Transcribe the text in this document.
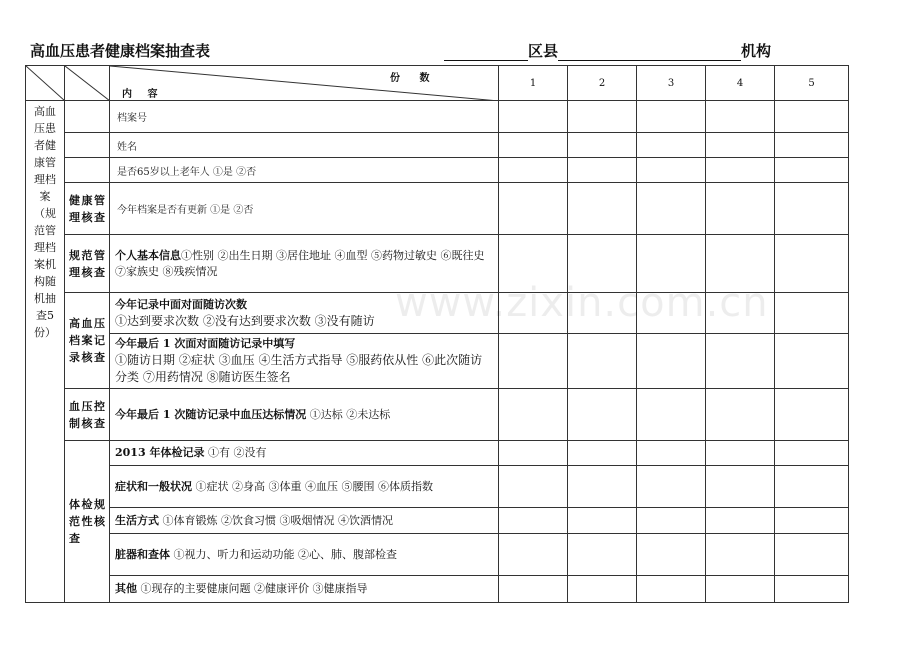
高血压患者健康档案抽查表	区县	机构

份 数
内 容	1	2	3	4	5
高血压患者健康管理档案（规范管理档案机构随机抽查5份）		档案号					
		姓名					
		是否65岁以上老年人 ①是 ②否					
	健康管理核查	今年档案是否有更新 ①是 ②否					
	规范管理核查	个人基本信息①性别 ②出生日期 ③居住地址 ④血型 ⑤药物过敏史 ⑥既往史 ⑦家族史 ⑧残疾情况					
	高血压档案记录核查	今年记录中面对面随访次数
①达到要求次数 ②没有达到要求次数 ③没有随访					
		今年最后 1 次面对面随访记录中填写
①随访日期 ②症状 ③血压 ④生活方式指导 ⑤服药依从性 ⑥此次随访分类 ⑦用药情况 ⑧随访医生签名					
	血压控制核查	今年最后 1 次随访记录中血压达标情况 ①达标 ②未达标					
	体检规范性核查	2013 年体检记录 ①有 ②没有					
		症状和一般状况 ①症状 ②身高 ③体重 ④血压 ⑤腰围 ⑥体质指数					
		生活方式 ①体育锻炼 ②饮食习惯 ③吸烟情况 ④饮酒情况					
		脏器和查体 ①视力、听力和运动功能 ②心、肺、腹部检查					
		其他 ①现存的主要健康问题 ②健康评价 ③健康指导					
www.zixin.com.cn
